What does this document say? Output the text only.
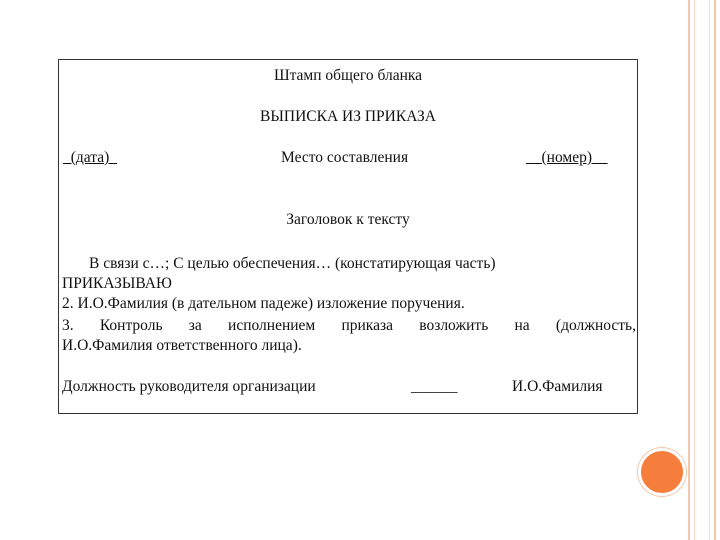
Штамп общего бланка
ВЫПИСКА ИЗ ПРИКАЗА
_(дата)_	Место составления	__(номер)__
Заголовок к тексту
В связи с…; С целью обеспечения… (констатирующая часть)
ПРИКАЗЫВАЮ
2. И.О.Фамилия (в дательном падеже) изложение поручения.
3. Контроль за исполнением приказа возложить на (должность,
И.О.Фамилия ответственного лица).
Должность руководителя организации	______	И.О.Фамилия
